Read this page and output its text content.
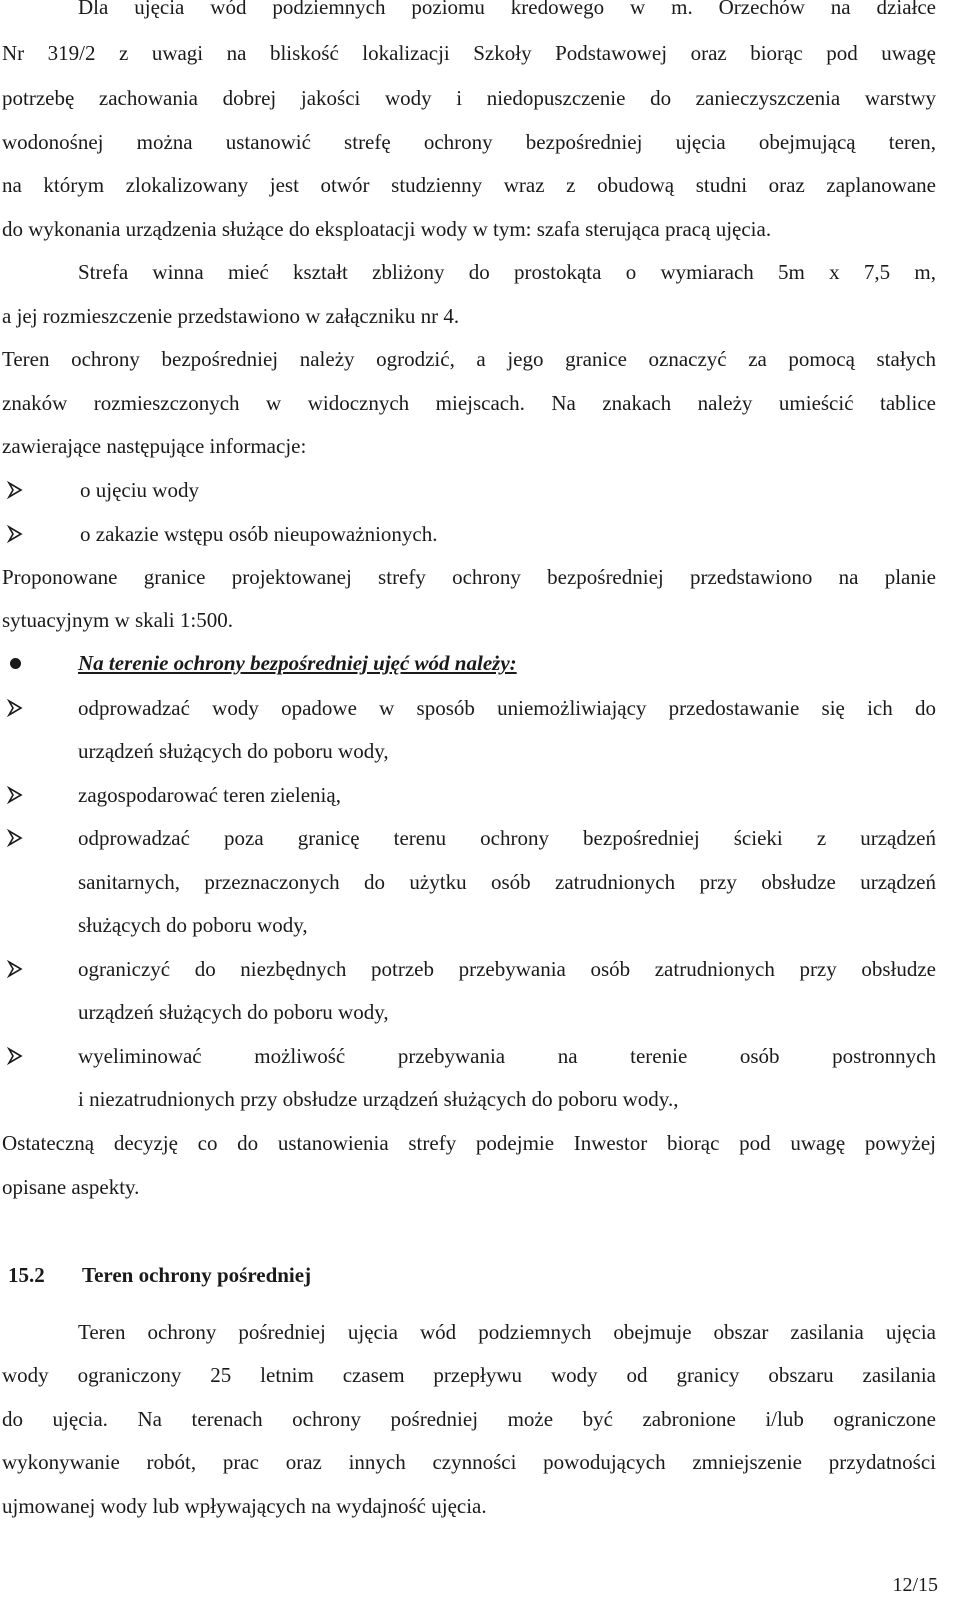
Dla ujęcia wód podziemnych poziomu kredowego w m. Orzechów na działce
Nr 319/2 z uwagi na bliskość lokalizacji Szkoły Podstawowej oraz biorąc pod uwagę
potrzebę zachowania dobrej jakości wody i niedopuszczenie do zanieczyszczenia warstwy
wodonośnej można ustanowić strefę ochrony bezpośredniej ujęcia obejmującą teren,
na którym zlokalizowany jest otwór studzienny wraz z obudową studni oraz zaplanowane
do wykonania urządzenia służące do eksploatacji wody w tym: szafa sterująca pracą ujęcia.
Strefa winna mieć kształt zbliżony do prostokąta o wymiarach 5m x 7,5 m,
a jej rozmieszczenie przedstawiono w załączniku nr 4.
Teren ochrony bezpośredniej należy ogrodzić, a jego granice oznaczyć za pomocą stałych
znaków rozmieszczonych w widocznych miejscach. Na znakach należy umieścić tablice
zawierające następujące informacje:
o ujęciu wody
o zakazie wstępu osób nieupoważnionych.
Proponowane granice projektowanej strefy ochrony bezpośredniej przedstawiono na planie
sytuacyjnym w skali 1:500.
Na terenie ochrony bezpośredniej ujęć wód należy:
odprowadzać wody opadowe w sposób uniemożliwiający przedostawanie się ich do
urządzeń służących do poboru wody,
zagospodarować teren zielenią,
odprowadzać poza granicę terenu ochrony bezpośredniej ścieki z urządzeń
sanitarnych, przeznaczonych do użytku osób zatrudnionych przy obsłudze urządzeń
służących do poboru wody,
ograniczyć do niezbędnych potrzeb przebywania osób zatrudnionych przy obsłudze
urządzeń służących do poboru wody,
wyeliminować możliwość przebywania na terenie osób postronnych
i niezatrudnionych przy obsłudze urządzeń służących do poboru wody.,
Ostateczną decyzję co do ustanowienia strefy podejmie Inwestor biorąc pod uwagę powyżej
opisane aspekty.
15.2 Teren ochrony pośredniej
Teren ochrony pośredniej ujęcia wód podziemnych obejmuje obszar zasilania ujęcia
wody ograniczony 25 letnim czasem przepływu wody od granicy obszaru zasilania
do ujęcia. Na terenach ochrony pośredniej może być zabronione i/lub ograniczone
wykonywanie robót, prac oraz innych czynności powodujących zmniejszenie przydatności
ujmowanej wody lub wpływających na wydajność ujęcia.
12/15
